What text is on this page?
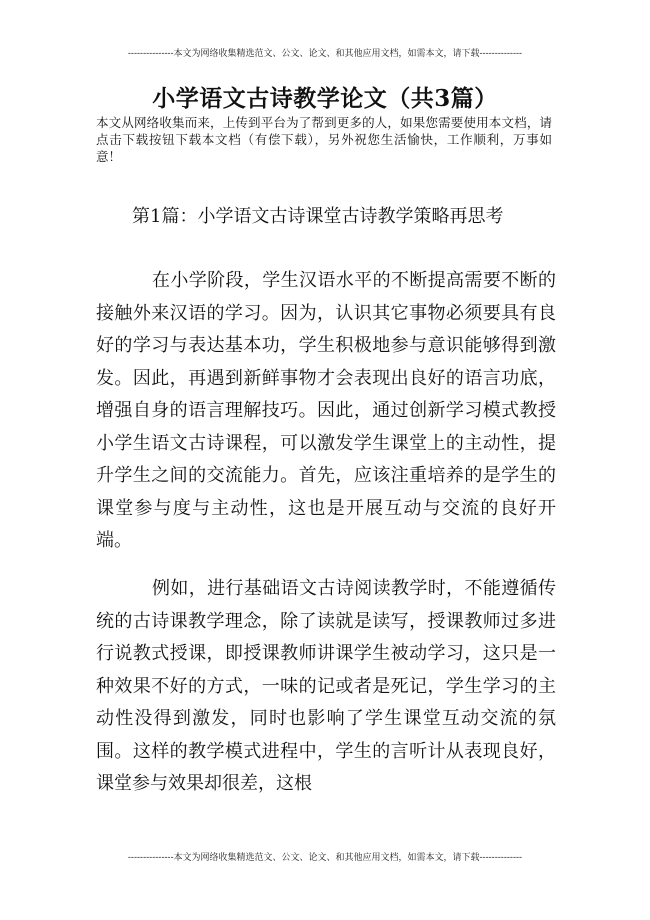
---------------本文为网络收集精选范文、公文、论文、和其他应用文档，如需本文，请下载--------------
小学语文古诗教学论文（共3篇）
本文从网络收集而来，上传到平台为了帮到更多的人，如果您需要使用本文档，请点击下载按钮下载本文档（有偿下载），另外祝您生活愉快，工作顺利，万事如意！
第1篇：小学语文古诗课堂古诗教学策略再思考
在小学阶段，学生汉语水平的不断提高需要不断的接触外来汉语的学习。因为，认识其它事物必须要具有良好的学习与表达基本功，学生积极地参与意识能够得到激发。因此，再遇到新鲜事物才会表现出良好的语言功底，增强自身的语言理解技巧。因此，通过创新学习模式教授小学生语文古诗课程，可以激发学生课堂上的主动性，提升学生之间的交流能力。首先，应该注重培养的是学生的课堂参与度与主动性，这也是开展互动与交流的良好开端。
例如，进行基础语文古诗阅读教学时，不能遵循传统的古诗课教学理念，除了读就是读写，授课教师过多进行说教式授课，即授课教师讲课学生被动学习，这只是一种效果不好的方式，一味的记或者是死记，学生学习的主动性没得到激发，同时也影响了学生课堂互动交流的氛围。这样的教学模式进程中，学生的言听计从表现良好，课堂参与效果却很差，这根
---------------本文为网络收集精选范文、公文、论文、和其他应用文档，如需本文，请下载--------------
